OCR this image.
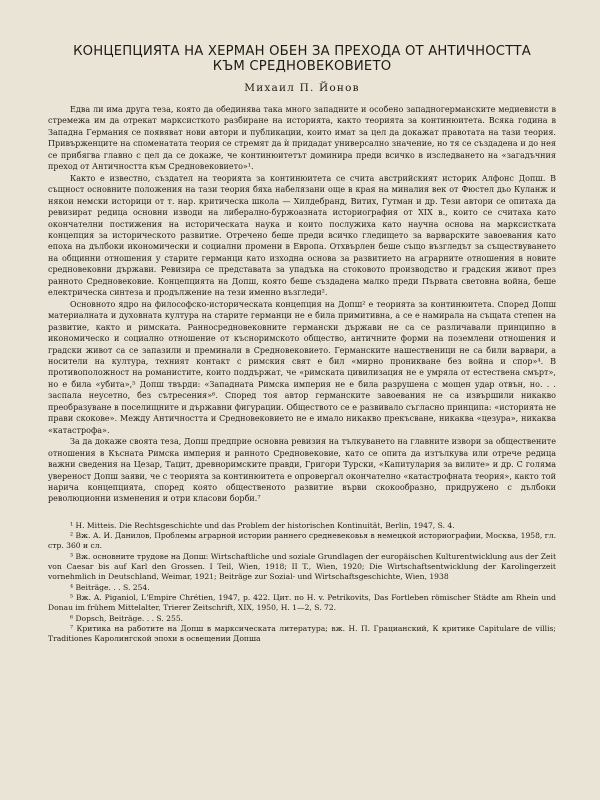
КОНЦЕПЦИЯТА НА ХЕРМАН ОБЕН ЗА ПРЕХОДА ОТ АНТИЧНОСТТА
КЪМ СРЕДНОВЕКОВИЕТО
Михаил П. Йонов

Едва ли има друга теза, която да обединява така много западните и особено западногерманските медиевисти в стремежа им да отрекат марксисткото разбиране на историята, както теорията за континюитета. Всяка година в Западна Германия се появяват нови автори и публикации, които имат за цел да докажат правотата на тази теория. Привърженците на споменатата теория се стремят да ѝ придадат универсално значение, но тя се създадена и до нея се прибягва главно с цел да се докаже, че континюитетът доминира преди всичко в изследването на «загадъчния преход от Античността към Средновековието»¹.

Както е известно, създател на теорията за континюитета се счита австрийският историк Алфонс Допш. В същност основните положения на тази теория бяха набелязани още в края на миналия век от Фюстел дьо Куланж и някои немски историци от т. нар. критическа школа — Хилдебранд, Витих, Гутман и др. Тези автори се опитаха да ревизират редица основни изводи на либерално-буржоазната историография от XIX в., които се считаха като окончателни постижения на историческата наука и които послужиха като научна основа на марксистката концепция за историческото развитие. Отречено беше преди всичко гледището за варварските завоевания като епоха на дълбоки икономически и социални промени в Европа. Отхвърлен беше също възгледът за съществуването на общинни отношения у старите германци като изходна основа за развитието на аграрните отношения в новите средновековни държави. Ревизира се представата за упадъка на стоковото производство и градския живот през ранното Средновековие. Концепцията на Допш, която беше създадена малко преди Първата световна война, беше електрическа синтеза и продължение на тези именно възгледи².

Основното ядро на философско-историческата концепция на Допш² е теорията за континюитета. Според Допш материалната и духовната култура на старите германци не е била примитивна, а се е намирала на същата степен на развитие, както и римската. Ранносредновековните германски държави не са се различавали принципно в икономическо и социално отношение от късноримското общество, античните форми на поземлени отношения и градски живот са се запазили и преминали в Средновековието. Германските нашественици не са били варвари, а носители на култура, техният контакт с римския свят е бил «мирно проникване без война и спор»⁴. В противоположност на романистите, които поддържат, че «римската цивилизация не е умряла от естествена смърт», но е била «убита»,⁵ Допш твърди: «Западната Римска империя не е била разрушена с мощен удар отвън, но. . . заспала неусетно, без сътресения»⁶. Според тоя автор германските завоевания не са извършили никакво преобразуване в поселищните и държавни фигурации. Обществото се е развивало съгласно принципа: «историята не прави скокове». Между Античността и Средновековието не е имало никакво прекъсване, никаква «цезура», никаква «катастрофа».

За да докаже своята теза, Допш предприе основна ревизия на тълкуването на главните извори за обществените отношения в Късната Римска империя и ранното Средновековие, като се опита да изтълкува или отрече редица важни сведения на Цезар, Тацит, древноримските правди, Григори Турски, «Капитулария за вилите» и др. С голяма увереност Допш заяви, че с теорията за континюитета е опровергал окончателно «катастрофната теория», както той нарича концепцията, според която общественото развитие върви скокообразно, придружено с дълбоки революционни изменения и отри класови борби.⁷

¹ H. Mitteis. Die Rechtsgeschichte und das Problem der historischen Kontinuität, Berlin, 1947, S. 4.

² Вж. А. И. Данилов, Проблемы аграрной истории раннего средневековья в немецкой историографии, Москва, 1958, гл. стр. 360 и сл.

³ Вж. основните трудове на Допш: Wirtschaftliche und soziale Grundlagen der europäischen Kulturentwicklung aus der Zeit von Caesar bis auf Karl den Grossen. I Teil, Wien, 1918; II T., Wien, 1920; Die Wirtschaftsentwicklung der Karolingerzeit vornehmlich in Deutschland, Weimar, 1921; Beiträge zur Sozial- und Wirtschaftsgeschichte, Wien, 1938

⁴ Beiträge. . . S. 254.

⁵ Вж. A. Piganiol, L'Empire Chrétien, 1947, p. 422. Цит. по H. v. Petrikovits, Das Fortleben römischer Städte am Rhein und Donau im frühem Mittelalter, Trierer Zeitschrift, XIX, 1950, H. 1—2, S. 72.

⁶ Dopsch, Beiträge. . . S. 255.

⁷ Критика на работите на Допш в марксическата литература; вж. Н. П. Грацианский, К критике Capitulare de villis; Traditiones Каролингской эпохи в освещении Допша
